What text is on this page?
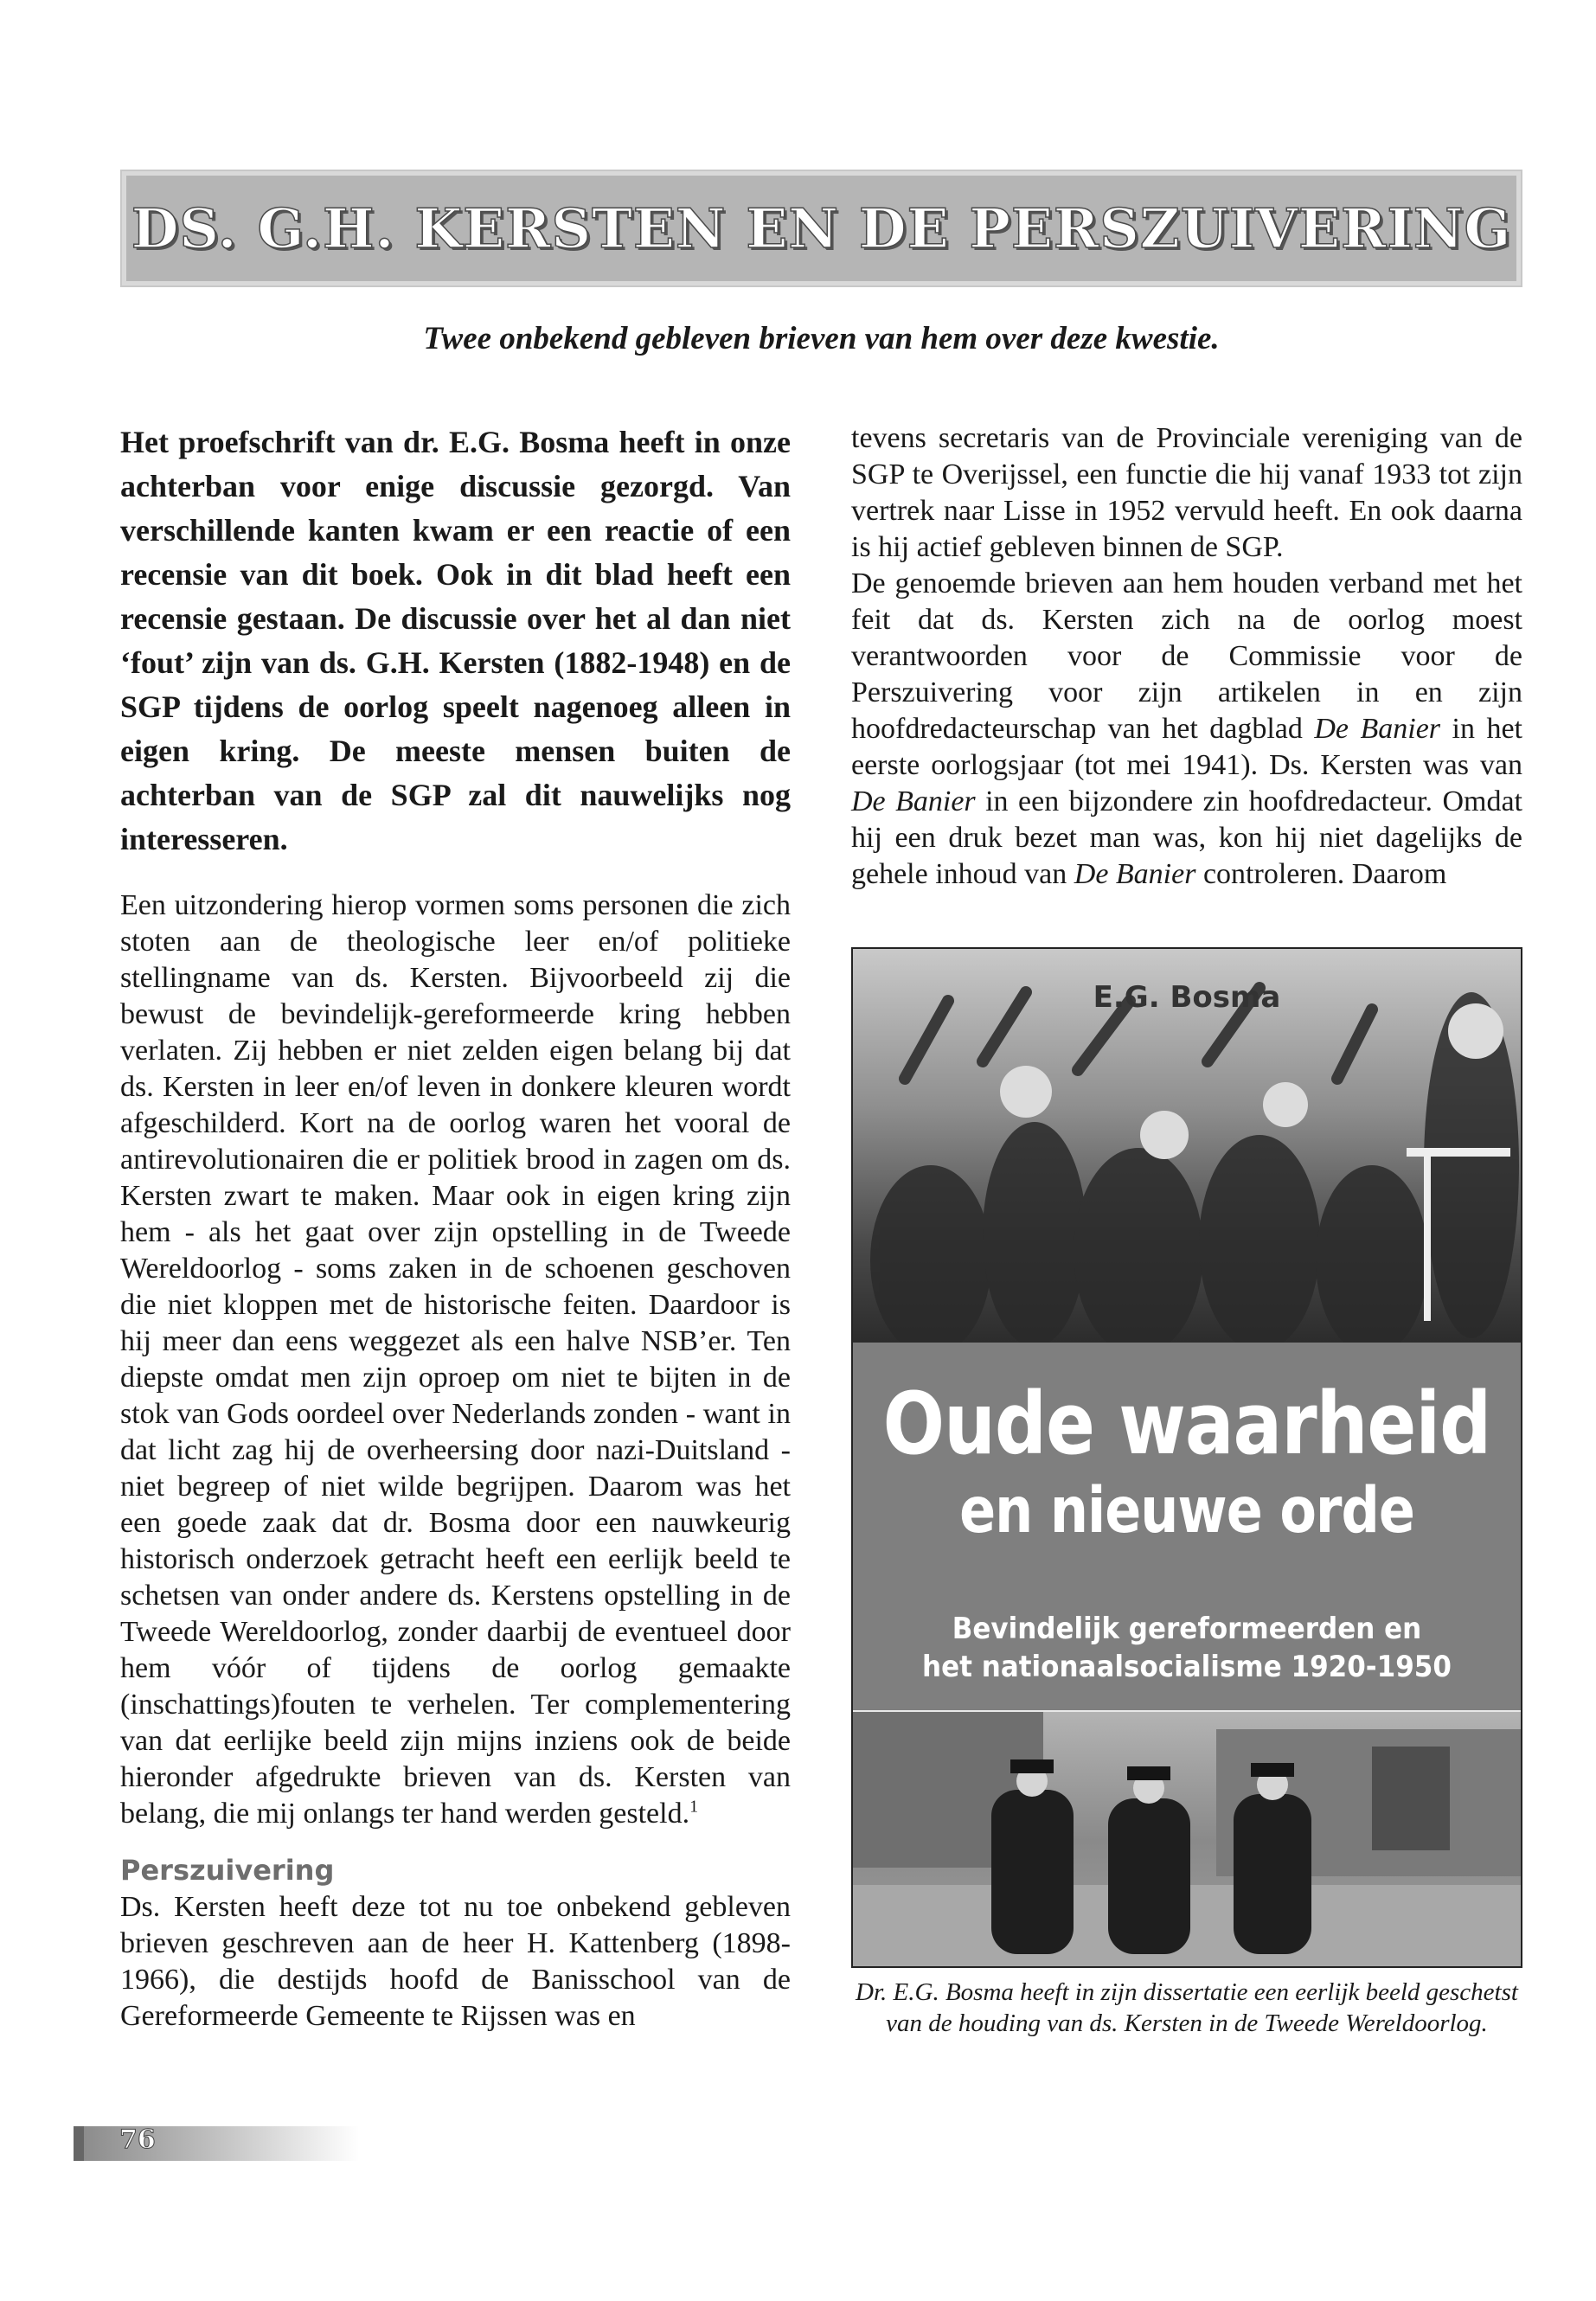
DS. G.H. KERSTEN EN DE PERSZUIVERING
Twee onbekend gebleven brieven van hem over deze kwestie.

Het proefschrift van dr. E.G. Bosma heeft in onze achterban voor enige discussie gezorgd. Van verschillende kanten kwam er een reactie of een recensie van dit boek. Ook in dit blad heeft een recensie gestaan. De discussie over het al dan niet ‘fout’ zijn van ds. G.H. Kersten (1882-1948) en de SGP tijdens de oorlog speelt nagenoeg alleen in eigen kring. De meeste mensen buiten de achterban van de SGP zal dit nauwelijks nog interesseren.

Een uitzondering hierop vormen soms personen die zich stoten aan de theologische leer en/of politieke stellingname van ds. Kersten. Bijvoorbeeld zij die bewust de bevindelijk-gereformeerde kring hebben verlaten. Zij hebben er niet zelden eigen belang bij dat ds. Kersten in leer en/of leven in donkere kleuren wordt afgeschilderd. Kort na de oorlog waren het vooral de antirevolutionairen die er politiek brood in zagen om ds. Kersten zwart te maken. Maar ook in eigen kring zijn hem - als het gaat over zijn opstelling in de Tweede Wereldoorlog - soms zaken in de schoenen geschoven die niet kloppen met de historische feiten. Daardoor is hij meer dan eens weggezet als een halve NSB’er. Ten diepste omdat men zijn oproep om niet te bijten in de stok van Gods oordeel over Nederlands zonden - want in dat licht zag hij de overheersing door nazi-Duitsland - niet begreep of niet wilde begrijpen. Daarom was het een goede zaak dat dr. Bosma door een nauwkeurig historisch onderzoek getracht heeft een eerlijk beeld te schetsen van onder andere ds. Kerstens opstelling in de Tweede Wereldoorlog, zonder daarbij de eventueel door hem vóór of tijdens de oorlog gemaakte (inschattings)fouten te verhelen. Ter complementering van dat eerlijke beeld zijn mijns inziens ook de beide hieronder afgedrukte brieven van ds. Kersten van belang, die mij onlangs ter hand werden gesteld.$^1$

Perszuivering

Ds. Kersten heeft deze tot nu toe onbekend gebleven brieven geschreven aan de heer H. Kattenberg (1898-1966), die destijds hoofd de Banisschool van de Gereformeerde Gemeente te Rijssen was en

tevens secretaris van de Provinciale vereniging van de SGP te Overijssel, een functie die hij vanaf 1933 tot zijn vertrek naar Lisse in 1952 vervuld heeft. En ook daarna is hij actief gebleven binnen de SGP.

De genoemde brieven aan hem houden verband met het feit dat ds. Kersten zich na de oorlog moest verantwoorden voor de Commissie voor de Perszuivering voor zijn artikelen in en zijn hoofdredacteurschap van het dagblad De Banier in het eerste oorlogsjaar (tot mei 1941). Ds. Kersten was van De Banier in een bijzondere zin hoofdredacteur. Omdat hij een druk bezet man was, kon hij niet dagelijks de gehele inhoud van De Banier controleren. Daarom

E.G. Bosma
Oude waarheid
en nieuwe orde
Bevindelijk gereformeerden en
het nationaalsocialisme 1920-1950
Dr. E.G. Bosma heeft in zijn dissertatie een eerlijk beeld geschetst van de houding van ds. Kersten in de Tweede Wereldoorlog.
76
